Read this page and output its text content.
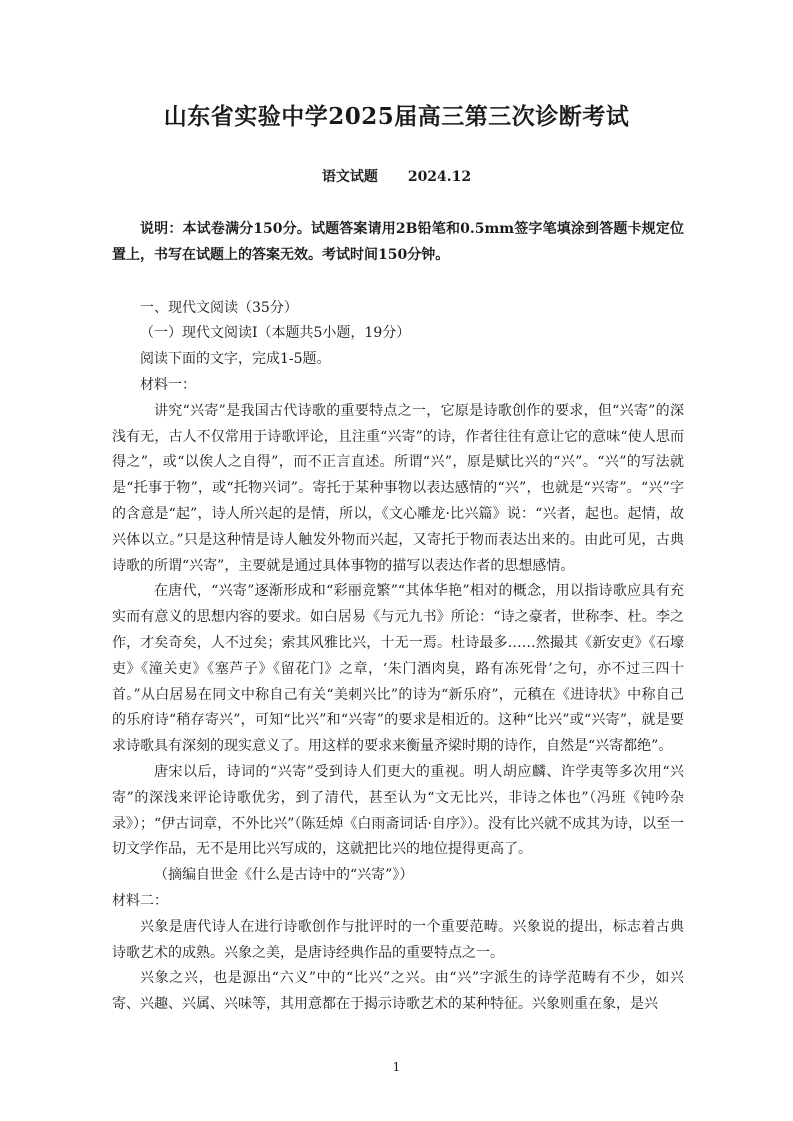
山东省实验中学2025届高三第三次诊断考试
语文试题 2024.12

说明：本试卷满分150分。试题答案请用2B铅笔和0.5mm签字笔填涂到答题卡规定位置上，书写在试题上的答案无效。考试时间150分钟。

一、现代文阅读（35分）

（一）现代文阅读Ⅰ（本题共5小题，19分）

阅读下面的文字，完成1-5题。

材料一：

讲究“兴寄”是我国古代诗歌的重要特点之一，它原是诗歌创作的要求，但“兴寄”的深浅有无，古人不仅常用于诗歌评论，且注重“兴寄”的诗，作者往往有意让它的意味“使人思而得之”，或“以俟人之自得”，而不正言直述。所谓“兴”，原是赋比兴的“兴”。“兴”的写法就是“托事于物”，或“托物兴词”。寄托于某种事物以表达感情的“兴”，也就是“兴寄”。“兴”字的含意是“起”，诗人所兴起的是情，所以，《文心雕龙·比兴篇》说：“兴者，起也。起情，故兴体以立。”只是这种情是诗人触发外物而兴起，又寄托于物而表达出来的。由此可见，古典诗歌的所谓“兴寄”，主要就是通过具体事物的描写以表达作者的思想感情。

在唐代，“兴寄”逐渐形成和“彩丽竞繁”“其体华艳”相对的概念，用以指诗歌应具有充实而有意义的思想内容的要求。如白居易《与元九书》所论：“诗之豪者，世称李、杜。李之作，才矣奇矣，人不过矣；索其风雅比兴，十无一焉。杜诗最多……然撮其《新安吏》《石壕吏》《潼关吏》《塞芦子》《留花门》之章，‘朱门酒肉臭，路有冻死骨’之句，亦不过三四十首。”从白居易在同文中称自己有关“美刺兴比”的诗为“新乐府”，元稹在《进诗状》中称自己的乐府诗“稍存寄兴”，可知“比兴”和“兴寄”的要求是相近的。这种“比兴”或“兴寄”，就是要求诗歌具有深刻的现实意义了。用这样的要求来衡量齐梁时期的诗作，自然是“兴寄都绝”。

唐宋以后，诗词的“兴寄”受到诗人们更大的重视。明人胡应麟、许学夷等多次用“兴寄”的深浅来评论诗歌优劣，到了清代，甚至认为“文无比兴，非诗之体也”（冯班《钝吟杂录》）；“伊古词章，不外比兴”（陈廷焯《白雨斋词话·自序》）。没有比兴就不成其为诗，以至一切文学作品，无不是用比兴写成的，这就把比兴的地位提得更高了。

（摘编自世金《什么是古诗中的“兴寄”》）

材料二：

兴象是唐代诗人在进行诗歌创作与批评时的一个重要范畴。兴象说的提出，标志着古典诗歌艺术的成熟。兴象之美，是唐诗经典作品的重要特点之一。

兴象之兴，也是源出“六义”中的“比兴”之兴。由“兴”字派生的诗学范畴有不少，如兴寄、兴趣、兴属、兴味等，其用意都在于揭示诗歌艺术的某种特征。兴象则重在象，是兴

1
